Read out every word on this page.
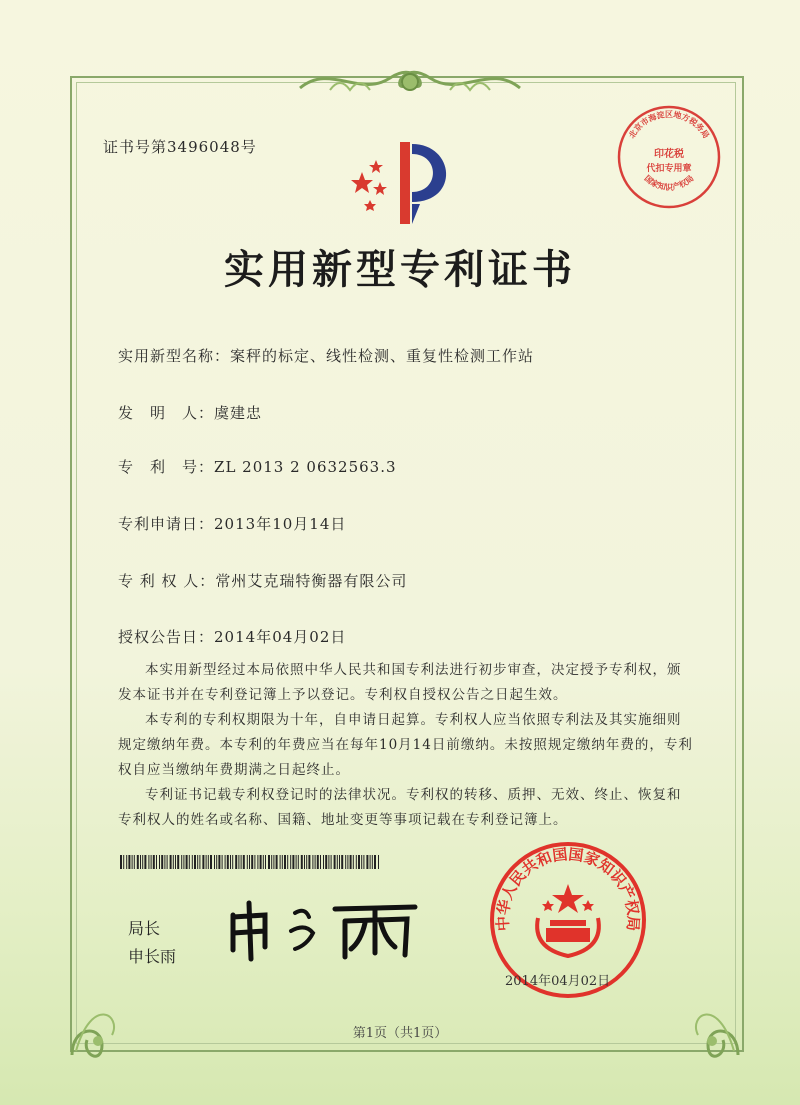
证书号第3496048号
北京市海淀区地方税务局
印花税
代扣专用章
国家知识产权局
实用新型专利证书
实用新型名称：案秤的标定、线性检测、重复性检测工作站
发　明　人：虞建忠
专　利　号：ZL 2013 2 0632563.3
专利申请日：2013年10月14日
专 利 权 人：常州艾克瑞特衡器有限公司
授权公告日：2014年04月02日

本实用新型经过本局依照中华人民共和国专利法进行初步审查，决定授予专利权，颁发本证书并在专利登记簿上予以登记。专利权自授权公告之日起生效。

本专利的专利权期限为十年，自申请日起算。专利权人应当依照专利法及其实施细则规定缴纳年费。本专利的年费应当在每年10月14日前缴纳。未按照规定缴纳年费的，专利权自应当缴纳年费期满之日起终止。

专利证书记载专利权登记时的法律状况。专利权的转移、质押、无效、终止、恢复和专利权人的姓名或名称、国籍、地址变更等事项记载在专利登记簿上。

局长
申长雨
中华人民共和国国家知识产权局
2014年04月02日
第1页（共1页）
